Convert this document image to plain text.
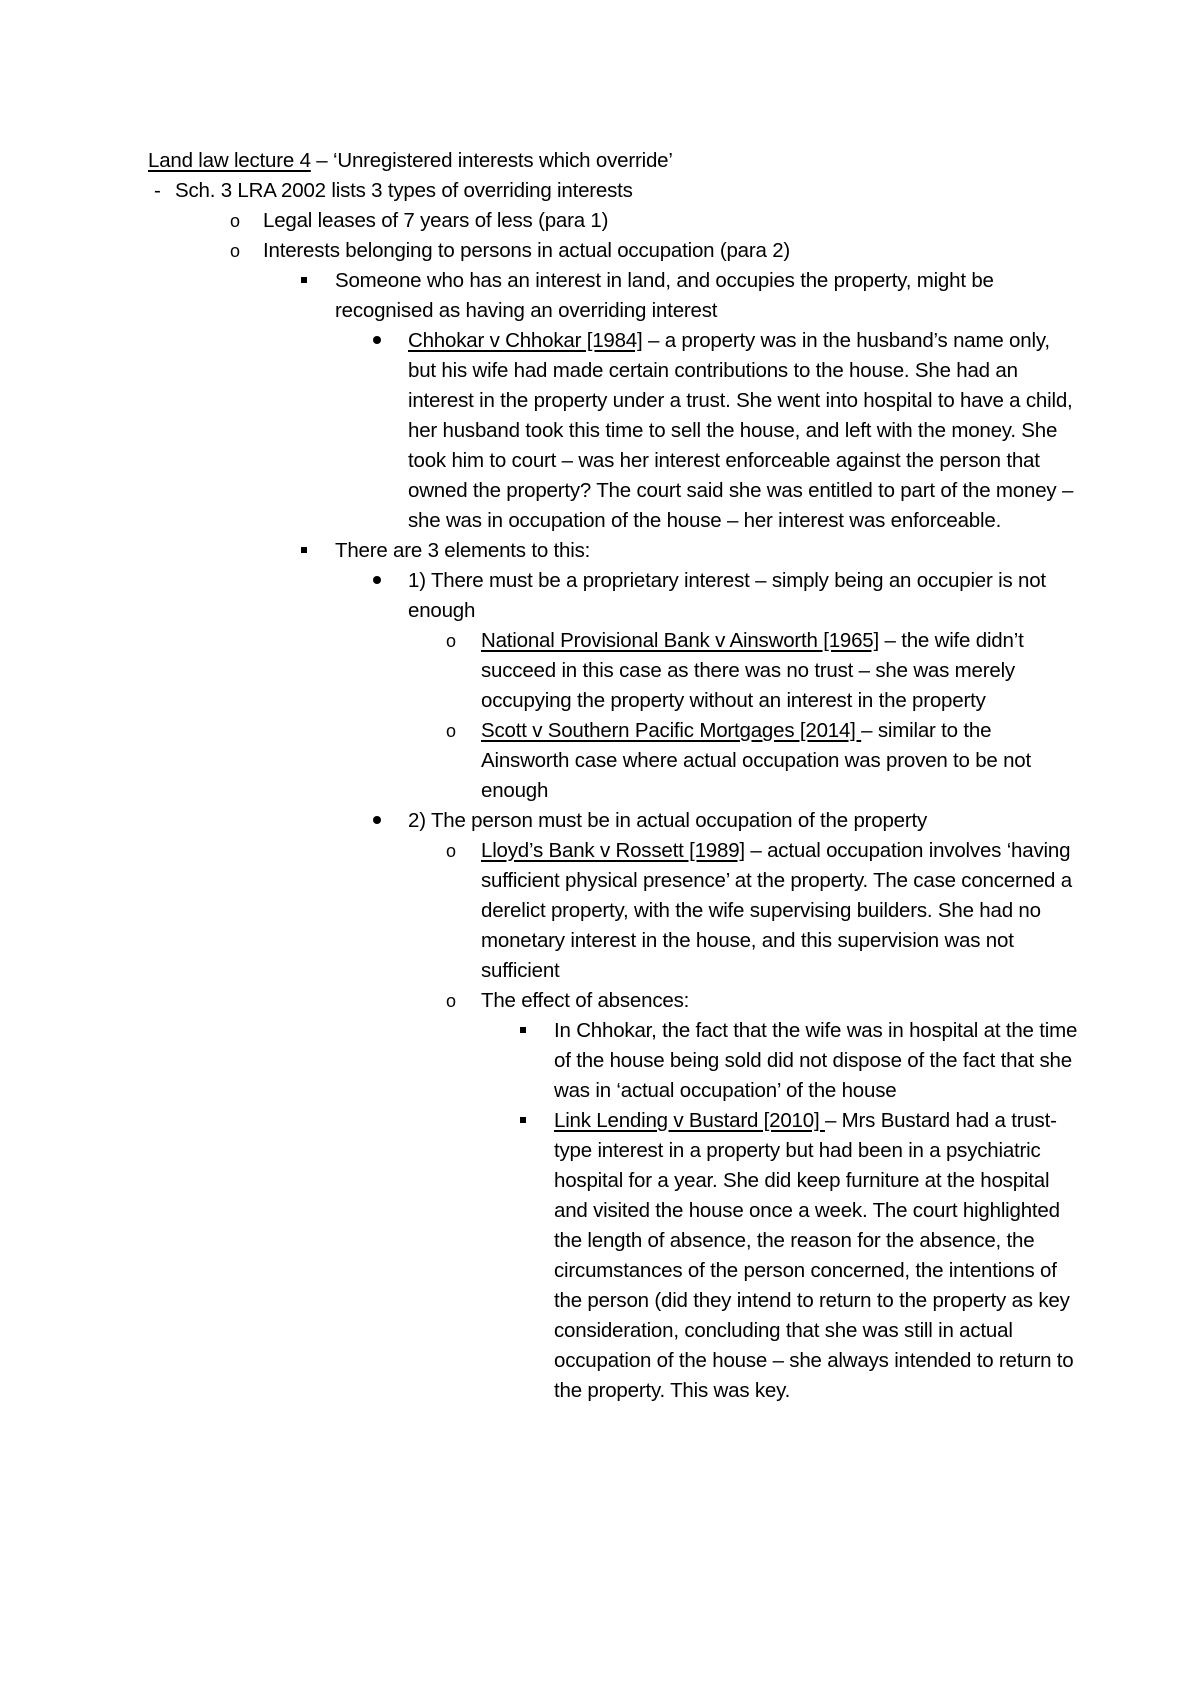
Land law lecture 4 – ‘Unregistered interests which override’
- Sch. 3 LRA 2002 lists 3 types of overriding interests
o Legal leases of 7 years of less (para 1)
o Interests belonging to persons in actual occupation (para 2)
Someone who has an interest in land, and occupies the property, might be recognised as having an overriding interest
Chhokar v Chhokar [1984] – a property was in the husband’s name only, but his wife had made certain contributions to the house. She had an interest in the property under a trust. She went into hospital to have a child, her husband took this time to sell the house, and left with the money. She took him to court – was her interest enforceable against the person that owned the property? The court said she was entitled to part of the money – she was in occupation of the house – her interest was enforceable.
There are 3 elements to this:
1) There must be a proprietary interest – simply being an occupier is not enough
o National Provisional Bank v Ainsworth [1965] – the wife didn’t succeed in this case as there was no trust – she was merely occupying the property without an interest in the property
o Scott v Southern Pacific Mortgages [2014] – similar to the Ainsworth case where actual occupation was proven to be not enough
2) The person must be in actual occupation of the property
o Lloyd’s Bank v Rossett [1989] – actual occupation involves ‘having sufficient physical presence’ at the property. The case concerned a derelict property, with the wife supervising builders. She had no monetary interest in the house, and this supervision was not sufficient
o The effect of absences:
In Chhokar, the fact that the wife was in hospital at the time of the house being sold did not dispose of the fact that she was in ‘actual occupation’ of the house
Link Lending v Bustard [2010] – Mrs Bustard had a trust-type interest in a property but had been in a psychiatric hospital for a year. She did keep furniture at the hospital and visited the house once a week. The court highlighted the length of absence, the reason for the absence, the circumstances of the person concerned, the intentions of the person (did they intend to return to the property as key consideration, concluding that she was still in actual occupation of the house – she always intended to return to the property. This was key.
